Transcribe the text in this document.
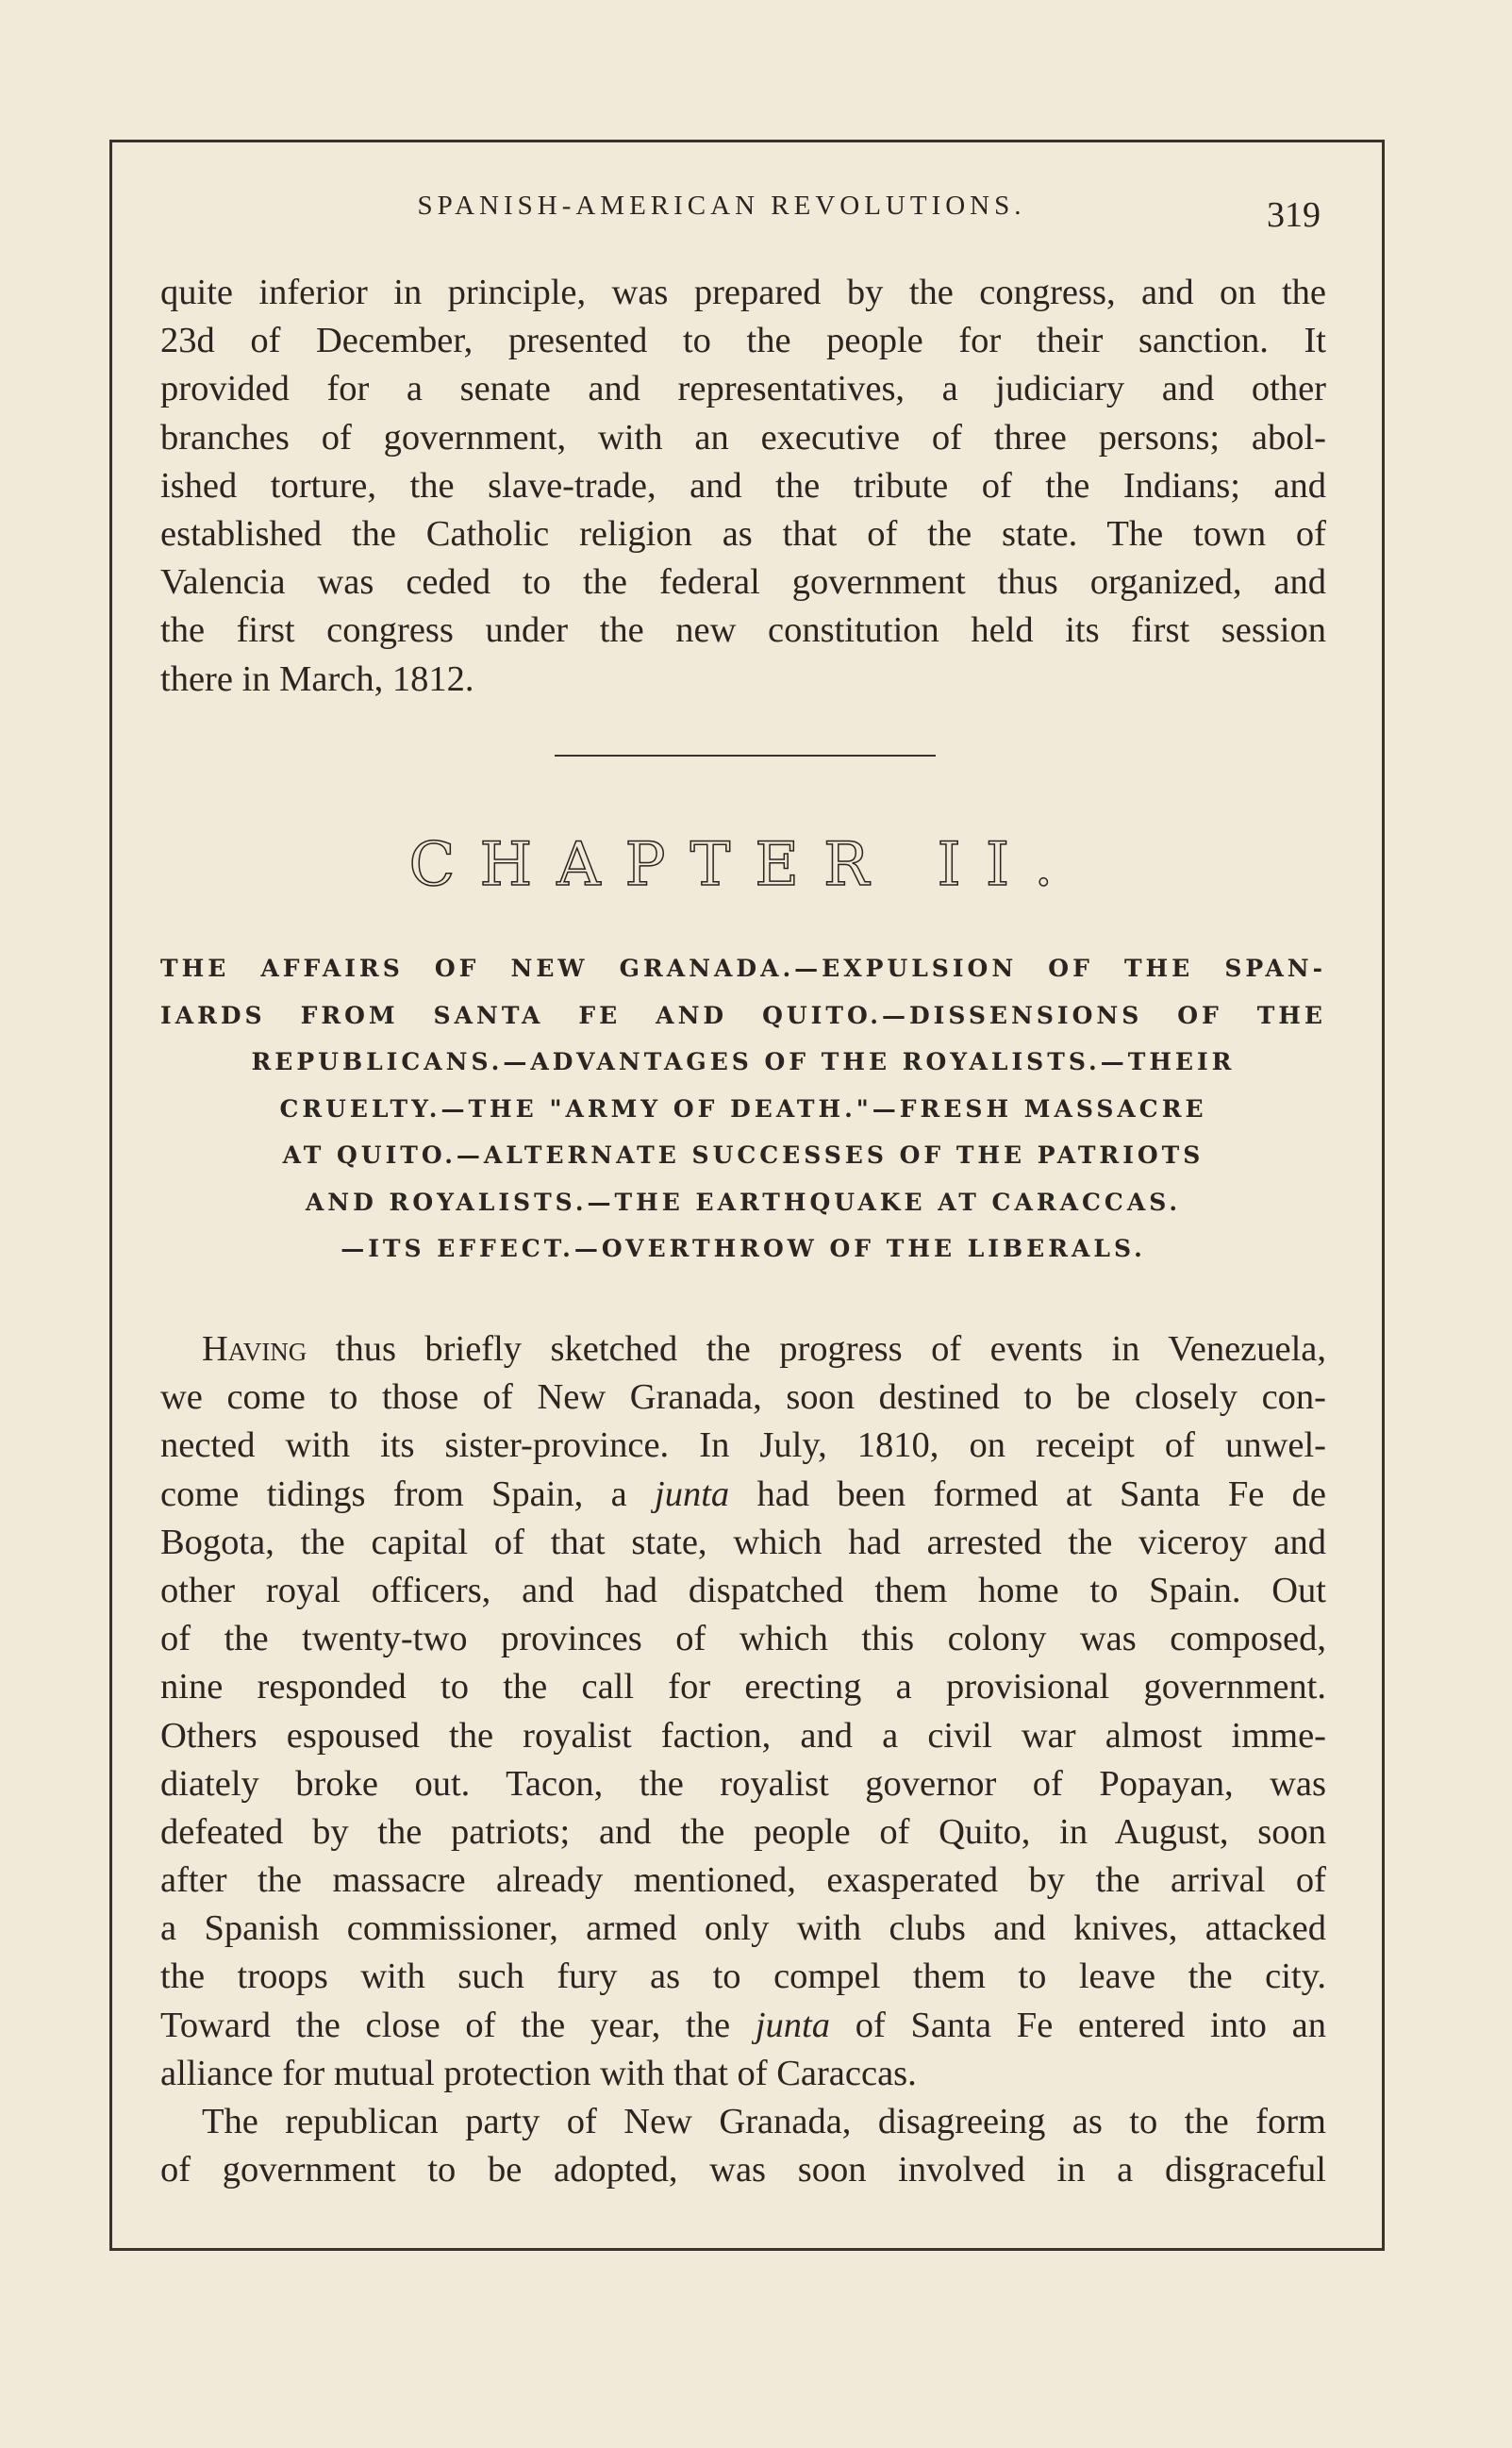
SPANISH-AMERICAN REVOLUTIONS.	319
quite inferior in principle, was prepared by the congress, and on the
23d of December, presented to the people for their sanction. It
provided for a senate and representatives, a judiciary and other
branches of government, with an executive of three persons; abol-
ished torture, the slave-trade, and the tribute of the Indians; and
established the Catholic religion as that of the state. The town of
Valencia was ceded to the federal government thus organized, and
the first congress under the new constitution held its first session
there in March, 1812.
CHAPTER II.
THE AFFAIRS OF NEW GRANADA.—EXPULSION OF THE SPAN-
IARDS FROM SANTA FE AND QUITO.—DISSENSIONS OF THE
REPUBLICANS.—ADVANTAGES OF THE ROYALISTS.—THEIR
CRUELTY.—THE "ARMY OF DEATH."—FRESH MASSACRE
AT QUITO.—ALTERNATE SUCCESSES OF THE PATRIOTS
AND ROYALISTS.—THE EARTHQUAKE AT CARACCAS.
—ITS EFFECT.—OVERTHROW OF THE LIBERALS.
Having thus briefly sketched the progress of events in Venezuela,
we come to those of New Granada, soon destined to be closely con-
nected with its sister-province. In July, 1810, on receipt of unwel-
come tidings from Spain, a junta had been formed at Santa Fe de
Bogota, the capital of that state, which had arrested the viceroy and
other royal officers, and had dispatched them home to Spain. Out
of the twenty-two provinces of which this colony was composed,
nine responded to the call for erecting a provisional government.
Others espoused the royalist faction, and a civil war almost imme-
diately broke out. Tacon, the royalist governor of Popayan, was
defeated by the patriots; and the people of Quito, in August, soon
after the massacre already mentioned, exasperated by the arrival of
a Spanish commissioner, armed only with clubs and knives, attacked
the troops with such fury as to compel them to leave the city.
Toward the close of the year, the junta of Santa Fe entered into an
alliance for mutual protection with that of Caraccas.
The republican party of New Granada, disagreeing as to the form
of government to be adopted, was soon involved in a disgraceful
